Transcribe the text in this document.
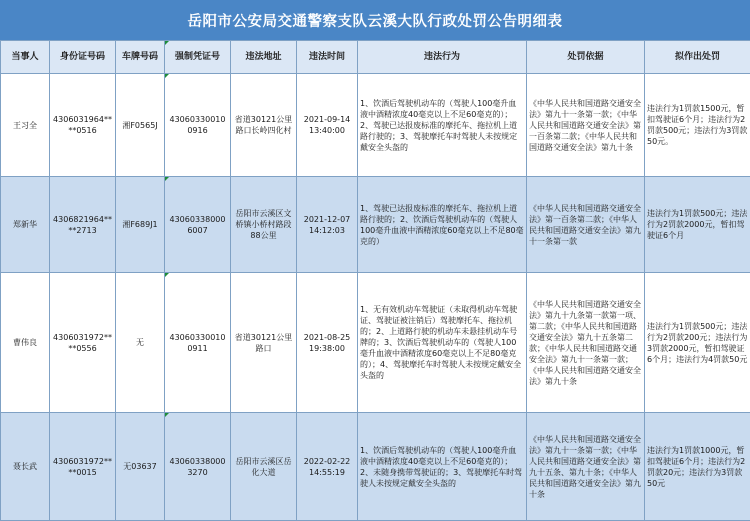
岳阳市公安局交通警察支队云溪大队行政处罚公告明细表
当事人	身份证号码	车牌号码	强制凭证号	违法地址	违法时间	违法行为	处罚依据	拟作出处罚
王习全	4306031964****0516	湘F0565J	430603300100916	省道30121公里路口长岭四化村	2021-09-14 13:40:00	1、饮酒后驾驶机动车的（驾驶人100毫升血液中酒精浓度40毫克以上不足60毫克的）；2、驾驶已达报废标准的摩托车、拖拉机上道路行驶的；3、驾驶摩托车时驾驶人未按规定戴安全头盔的	《中华人民共和国道路交通安全法》第九十一条第一款；《中华人民共和国道路交通安全法》第一百条第二款；《中华人民共和国道路交通安全法》第九十条	违法行为1罚款1500元，暂扣驾驶证6个月；违法行为2罚款500元；违法行为3罚款50元。
郑新华	4306821964****2713	湘F689J1	430603380006007	岳阳市云溪区文桥镇小桥村路段88公里	2021-12-07 14:12:03	1、驾驶已达报废标准的摩托车、拖拉机上道路行驶的；2、饮酒后驾驶机动车的（驾驶人100毫升血液中酒精浓度60毫克以上不足80毫克的）	《中华人民共和国道路交通安全法》第一百条第二款；《中华人民共和国道路交通安全法》第九十一条第一款	违法行为1罚款500元；违法行为2罚款2000元，暂扣驾驶证6个月
曹伟良	4306031972****0556	无	430603300100911	省道30121公里路口	2021-08-25 19:38:00	1、无有效机动车驾驶证（未取得机动车驾驶证、驾驶证被注销后）驾驶摩托车、拖拉机的；2、上道路行驶的机动车未悬挂机动车号牌的；3、饮酒后驾驶机动车的（驾驶人100毫升血液中酒精浓度60毫克以上不足80毫克的）；4、驾驶摩托车时驾驶人未按规定戴安全头盔的	《中华人民共和国道路交通安全法》第九十九条第一款第一项、第二款；《中华人民共和国道路交通安全法》第九十五条第二款；《中华人民共和国道路交通安全法》第九十一条第一款；《中华人民共和国道路交通安全法》第九十条	违法行为1罚款500元；违法行为2罚款200元；违法行为3罚款2000元，暂扣驾驶证6个月；违法行为4罚款50元
聂长武	4306031972****0015	无03637	430603380003270	岳阳市云溪区岳化大道	2022-02-22 14:55:19	1、饮酒后驾驶机动车的（驾驶人100毫升血液中酒精浓度40毫克以上不足60毫克的）；2、未随身携带驾驶证的；3、驾驶摩托车时驾驶人未按规定戴安全头盔的	《中华人民共和国道路交通安全法》第九十一条第一款；《中华人民共和国道路交通安全法》第九十五条、第九十条；《中华人民共和国道路交通安全法》第九十条	违法行为1罚款1000元，暂扣驾驶证6个月；违法行为2罚款20元；违法行为3罚款50元
